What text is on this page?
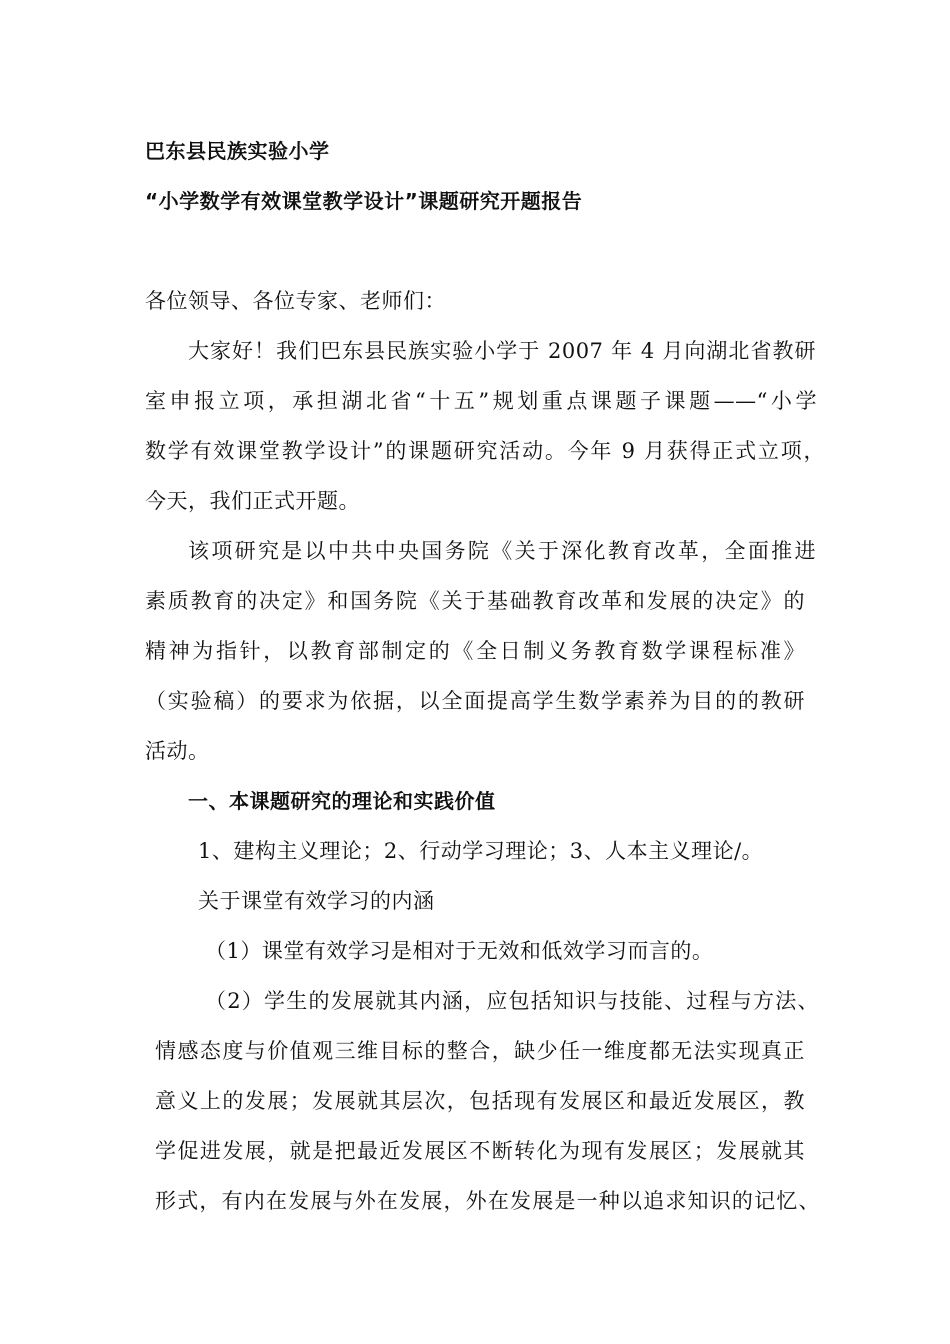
巴东县民族实验小学
“小学数学有效课堂教学设计”课题研究开题报告
各位领导、各位专家、老师们：
大家好！我们巴东县民族实验小学于 2007 年 4 月向湖北省教研
室申报立项，承担湖北省“十五”规划重点课题子课题——“小学
数学有效课堂教学设计”的课题研究活动。今年 9 月获得正式立项，
今天，我们正式开题。
该项研究是以中共中央国务院《关于深化教育改革，全面推进
素质教育的决定》和国务院《关于基础教育改革和发展的决定》的
精神为指针，以教育部制定的《全日制义务教育数学课程标准》
（实验稿）的要求为依据，以全面提高学生数学素养为目的的教研
活动。
一、本课题研究的理论和实践价值
1、建构主义理论；2、行动学习理论；3、人本主义理论/。
关于课堂有效学习的内涵
（1）课堂有效学习是相对于无效和低效学习而言的。
（2）学生的发展就其内涵，应包括知识与技能、过程与方法、
情感态度与价值观三维目标的整合，缺少任一维度都无法实现真正
意义上的发展；发展就其层次，包括现有发展区和最近发展区，教
学促进发展，就是把最近发展区不断转化为现有发展区；发展就其
形式，有内在发展与外在发展，外在发展是一种以追求知识的记忆、
